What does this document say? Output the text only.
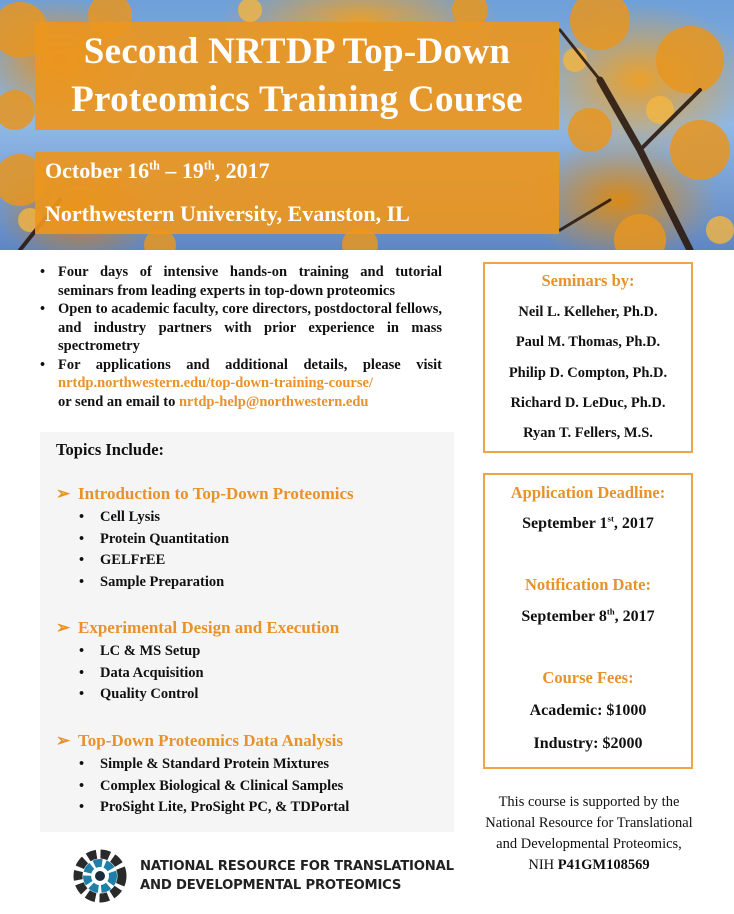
Second NRTDP Top-Down
Proteomics Training Course
October 16th – 19th, 2017
Northwestern University, Evanston, IL
• Four days of intensive hands-on training and tutorial seminars from leading experts in top-down proteomics
• Open to academic faculty, core directors, postdoctoral fellows, and industry partners with prior experience in mass spectrometry
• For applications and additional details, please visit nrtdp.northwestern.edu/top-down-training-course/
or send an email to nrtdp-help@northwestern.edu
Topics Include:
➢ Introduction to Top-Down Proteomics
• Cell Lysis
• Protein Quantitation
• GELFrEE
• Sample Preparation
➢ Experimental Design and Execution
• LC & MS Setup
• Data Acquisition
• Quality Control
➢ Top-Down Proteomics Data Analysis
• Simple & Standard Protein Mixtures
• Complex Biological & Clinical Samples
• ProSight Lite, ProSight PC, & TDPortal
Seminars by:
Neil L. Kelleher, Ph.D.
Paul M. Thomas, Ph.D.
Philip D. Compton, Ph.D.
Richard D. LeDuc, Ph.D.
Ryan T. Fellers, M.S.
Application Deadline:
September 1st, 2017
Notification Date:
September 8th, 2017
Course Fees:
Academic: $1000
Industry: $2000
This course is supported by the National Resource for Translational and Developmental Proteomics, NIH P41GM108569
NATIONAL RESOURCE FOR TRANSLATIONAL
AND DEVELOPMENTAL PROTEOMICS
